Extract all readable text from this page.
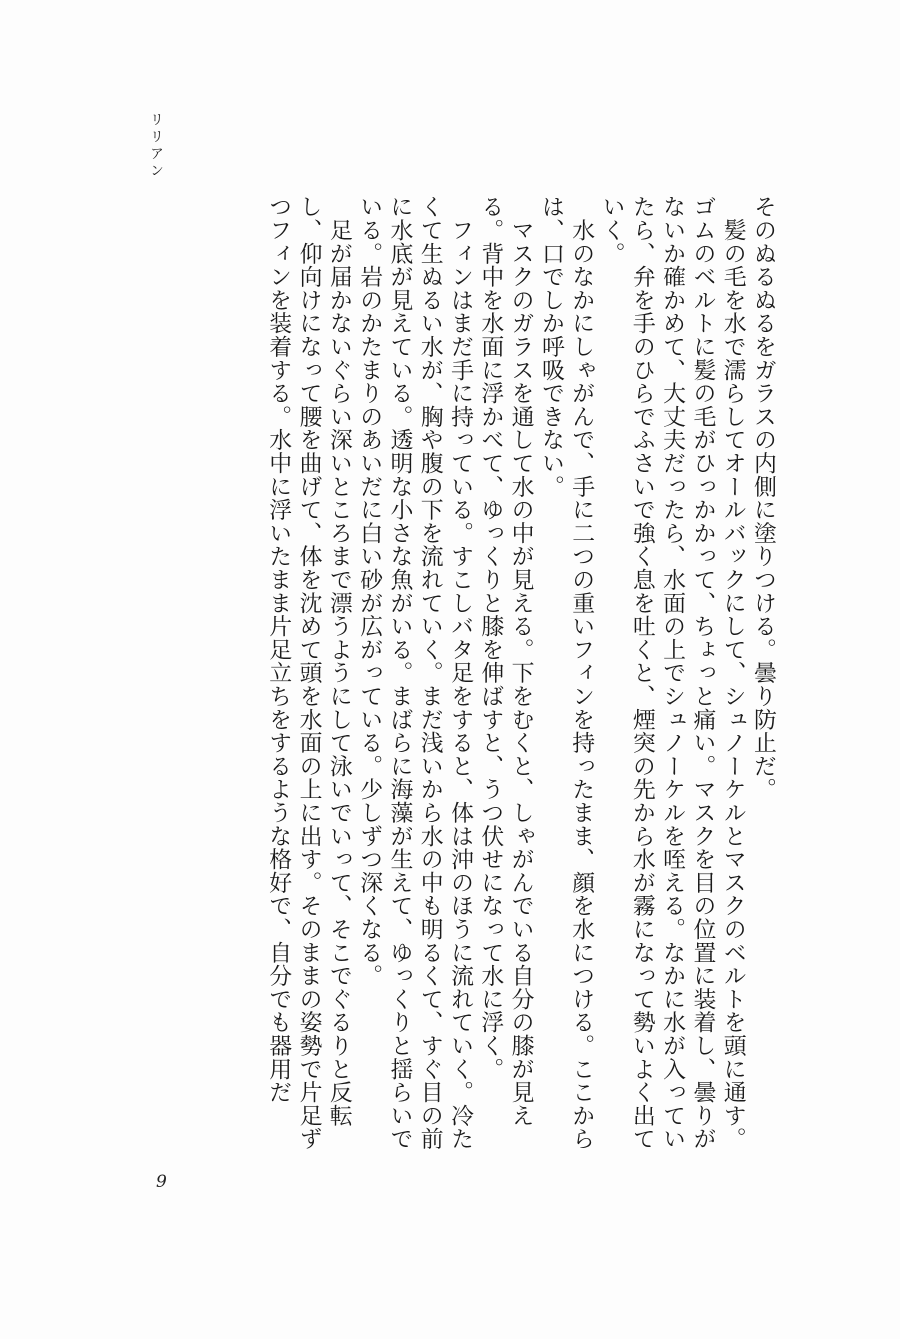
リリアン

そのぬるぬるをガラスの内側に塗りつける。曇り防止だ。

　髪の毛を水で濡らしてオールバックにして、シュノーケルとマスクのベルトを頭に通す。ゴムのベルトに髪の毛がひっかかって、ちょっと痛い。マスクを目の位置に装着し、曇りがないか確かめて、大丈夫だったら、水面の上でシュノーケルを咥える。なかに水が入っていたら、弁を手のひらでふさいで強く息を吐くと、煙突の先から水が霧になって勢いよく出ていく。

　水のなかにしゃがんで、手に二つの重いフィンを持ったまま、顔を水につける。ここからは、口でしか呼吸できない。

　マスクのガラスを通して水の中が見える。下をむくと、しゃがんでいる自分の膝が見える。背中を水面に浮かべて、ゆっくりと膝を伸ばすと、うつ伏せになって水に浮く。

　フィンはまだ手に持っている。すこしバタ足をすると、体は沖のほうに流れていく。冷たくて生ぬるい水が、胸や腹の下を流れていく。まだ浅いから水の中も明るくて、すぐ目の前に水底が見えている。透明な小さな魚がいる。まばらに海藻が生えて、ゆっくりと揺らいでいる。岩のかたまりのあいだに白い砂が広がっている。少しずつ深くなる。

　足が届かないぐらい深いところまで漂うようにして泳いでいって、そこでぐるりと反転し、仰向けになって腰を曲げて、体を沈めて頭を水面の上に出す。そのままの姿勢で片足ずつフィンを装着する。水中に浮いたまま片足立ちをするような格好で、自分でも器用だ

9
